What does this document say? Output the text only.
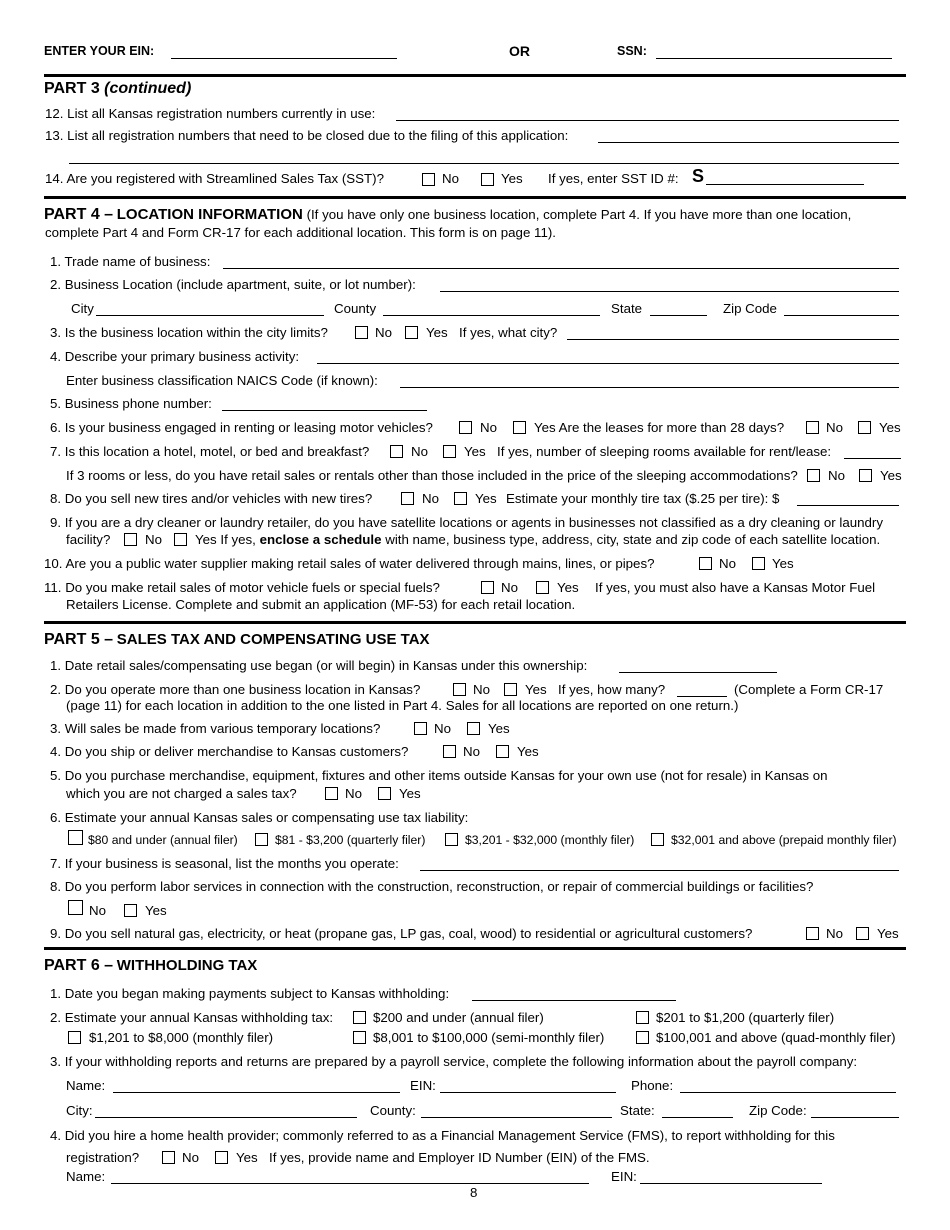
ENTER YOUR EIN:	OR	SSN:
PART 3 (continued)
12. List all Kansas registration numbers currently in use:
13. List all registration numbers that need to be closed due to the filing of this application:
14. Are you registered with Streamlined Sales Tax (SST)?	No	Yes If yes, enter SST ID #: S
PART 4 – LOCATION INFORMATION (If you have only one business location, complete Part 4. If you have more than one location,
complete Part 4 and Form CR-17 for each additional location. This form is on page 11).
1. Trade name of business:
2. Business Location (include apartment, suite, or lot number):
City	County	State	Zip Code
3. Is the business location within the city limits?	No	Yes If yes, what city?
4. Describe your primary business activity:
Enter business classification NAICS Code (if known):
5. Business phone number:
6. Is your business engaged in renting or leasing motor vehicles?	No	Yes Are the leases for more than 28 days?	No	Yes
7. Is this location a hotel, motel, or bed and breakfast?	No	Yes If yes, number of sleeping rooms available for rent/lease:
If 3 rooms or less, do you have retail sales or rentals other than those included in the price of the sleeping accommodations? No	Yes
8. Do you sell new tires and/or vehicles with new tires?	No	Yes Estimate your monthly tire tax ($.25 per tire): $
9. If you are a dry cleaner or laundry retailer, do you have satellite locations or agents in businesses not classified as a dry cleaning or laundry
facility?	No Yes If yes, enclose a schedule with name, business type, address, city, state and zip code of each satellite location.
10. Are you a public water supplier making retail sales of water delivered through mains, lines, or pipes?	No	Yes
11. Do you make retail sales of motor vehicle fuels or special fuels?	No	Yes If yes, you must also have a Kansas Motor Fuel
Retailers License. Complete and submit an application (MF-53) for each retail location.
PART 5 – SALES TAX AND COMPENSATING USE TAX
1. Date retail sales/compensating use began (or will begin) in Kansas under this ownership:
2. Do you operate more than one business location in Kansas?	No	Yes If yes, how many?	(Complete a Form CR-17
(page 11) for each location in addition to the one listed in Part 4. Sales for all locations are reported on one return.)
3. Will sales be made from various temporary locations?	No	Yes
4. Do you ship or deliver merchandise to Kansas customers?	No	Yes
5. Do you purchase merchandise, equipment, fixtures and other items outside Kansas for your own use (not for resale) in Kansas on
which you are not charged a sales tax?	No	Yes
6. Estimate your annual Kansas sales or compensating use tax liability:
$80 and under (annual filer)	$81 - $3,200 (quarterly filer)	$3,201 - $32,000 (monthly filer)	$32,001 and above (prepaid monthly filer)
7. If your business is seasonal, list the months you operate:
8. Do you perform labor services in connection with the construction, reconstruction, or repair of commercial buildings or facilities?
No	Yes
9. Do you sell natural gas, electricity, or heat (propane gas, LP gas, coal, wood) to residential or agricultural customers?	No	Yes
PART 6 – WITHHOLDING TAX
1. Date you began making payments subject to Kansas withholding:
2. Estimate your annual Kansas withholding tax:	$200 and under (annual filer)	$201 to $1,200 (quarterly filer)
$1,201 to $8,000 (monthly filer)	$8,001 to $100,000 (semi-monthly filer)	$100,001 and above (quad-monthly filer)
3. If your withholding reports and returns are prepared by a payroll service, complete the following information about the payroll company:
Name:	EIN:	Phone:
City:	County:	State:	Zip Code:
4. Did you hire a home health provider; commonly referred to as a Financial Management Service (FMS), to report withholding for this
registration?	No	Yes If yes, provide name and Employer ID Number (EIN) of the FMS.
Name:	EIN:
8
